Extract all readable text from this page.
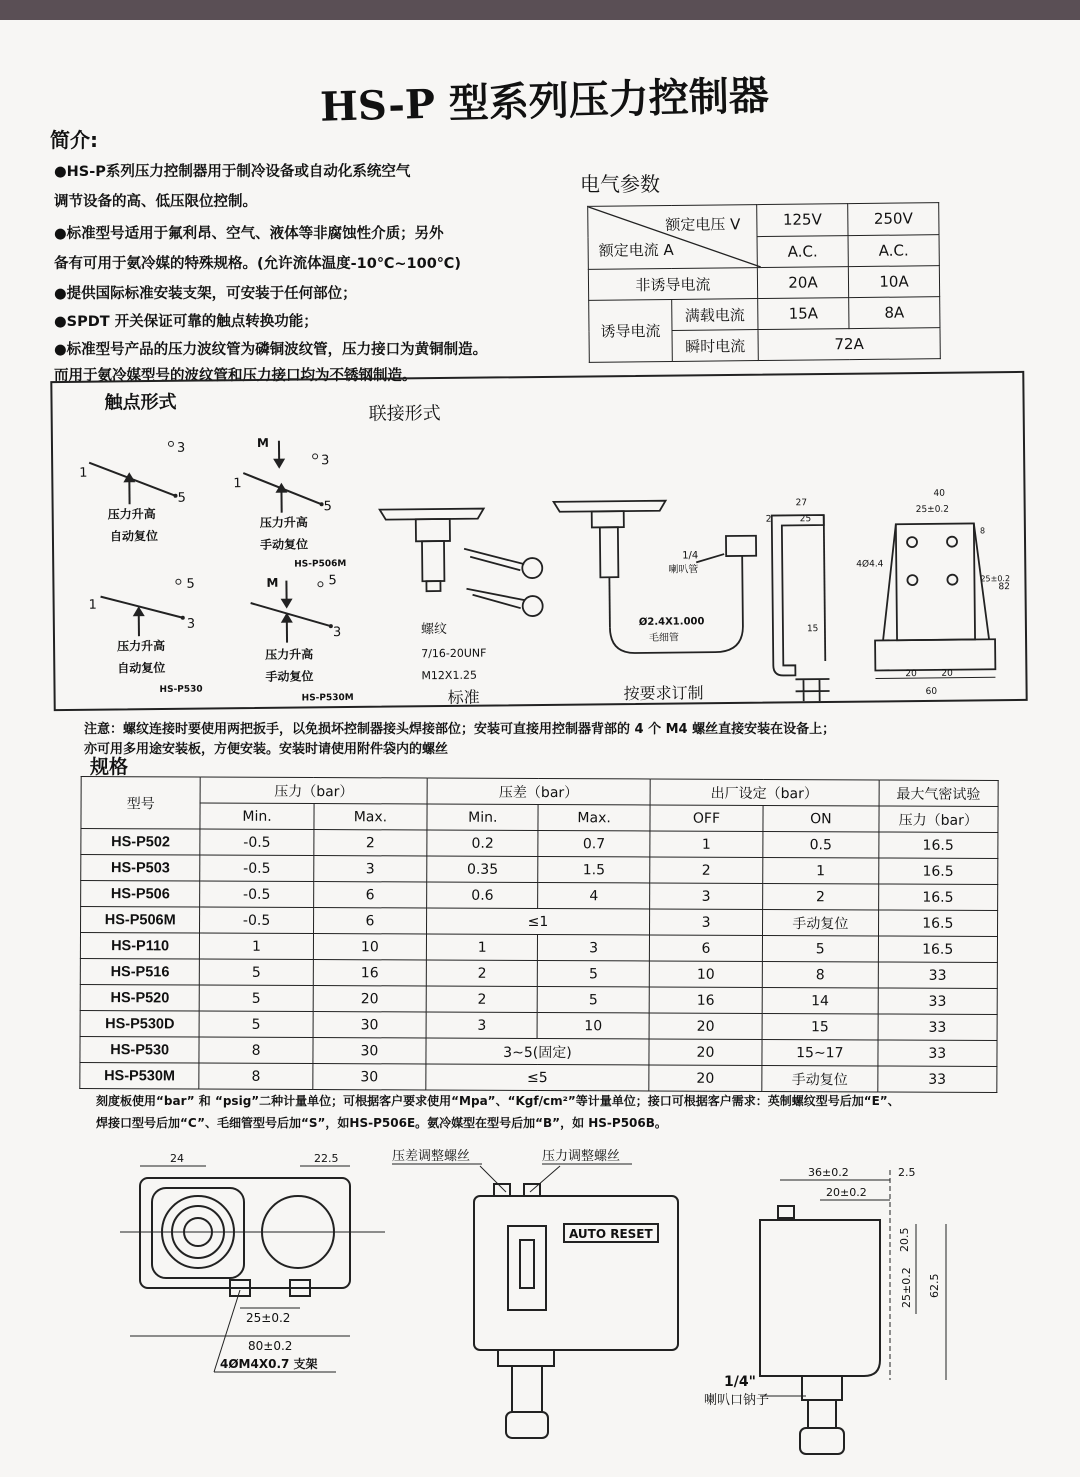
HS-P 型系列压力控制器
简介:
●HS-P系列压力控制器用于制冷设备或自动化系统空气
调节设备的高、低压限位控制。
●标准型号适用于氟利昂、空气、液体等非腐蚀性介质；另外
备有可用于氨冷媒的特殊规格。(允许流体温度-10℃~100℃)
●提供国际标准安装支架，可安装于任何部位；
●SPDT 开关保证可靠的触点转换功能；
●标准型号产品的压力波纹管为磷铜波纹管，压力接口为黄铜制造。
而用于氨冷媒型号的波纹管和压力接口均为不锈钢制造。
电气参数
额定电压 V
额定电流 A		125V	250V
		A.C.	A.C.
非诱导电流		20A	10A
诱导电流	满载电流	15A	8A
	瞬时电流	72A	
触点形式
联接形式
3
1
5
压力升高
自动复位
M
3
1
5
压力升高
手动复位
HS-P506M
5
1
3
压力升高
自动复位
HS-P530
M	5
3
压力升高
手动复位
HS-P530M
螺纹
7/16-20UNF
M12X1.25
标准
1/4
喇叭管
Ø2.4X1.000
毛细管
按要求订制
27
25
2
15
40
25±0.2
4Ø4.4
8
25±0.2
82
20	20
60
注意：螺纹连接时要使用两把扳手，以免损坏控制器接头焊接部位；安装可直接用控制器背部的 4 个 M4 螺丝直接安装在设备上；
亦可用多用途安装板，方便安装。安装时请使用附件袋内的螺丝
规格
型号	压力（bar）		压差（bar）		出厂设定（bar）		最大气密试验
	Min.	Max.	Min.	Max.	OFF	ON	压力（bar）
HS-P502	-0.5	2	0.2	0.7	1	0.5	16.5
HS-P503	-0.5	3	0.35	1.5	2	1	16.5
HS-P506	-0.5	6	0.6	4	3	2	16.5
HS-P506M	-0.5	6	≤1		3	手动复位	16.5
HS-P110	1	10	1	3	6	5	16.5
HS-P516	5	16	2	5	10	8	33
HS-P520	5	20	2	5	16	14	33
HS-P530D	5	30	3	10	20	15	33
HS-P530	8	30	3~5(固定)		20	15~17	33
HS-P530M	8	30	≤5		20	手动复位	33
刻度板使用“bar” 和 “psig”二种计量单位；可根据客户要求使用“Mpa”、“Kgf/cm²”等计量单位；接口可根据客户需求：英制螺纹型号后加“E”、
焊接口型号后加“C”、毛细管型号后加“S”，如HS-P506E。氨冷媒型在型号后加“B”，如 HS-P506B。
24	22.5
25±0.2
80±0.2
4ØM4X0.7 支架
压差调整螺丝	压力调整螺丝
AUTO RESET
36±0.2	2.5
20±0.2
20.5
25±0.2 62.5
1/4"
喇叭口钠子
